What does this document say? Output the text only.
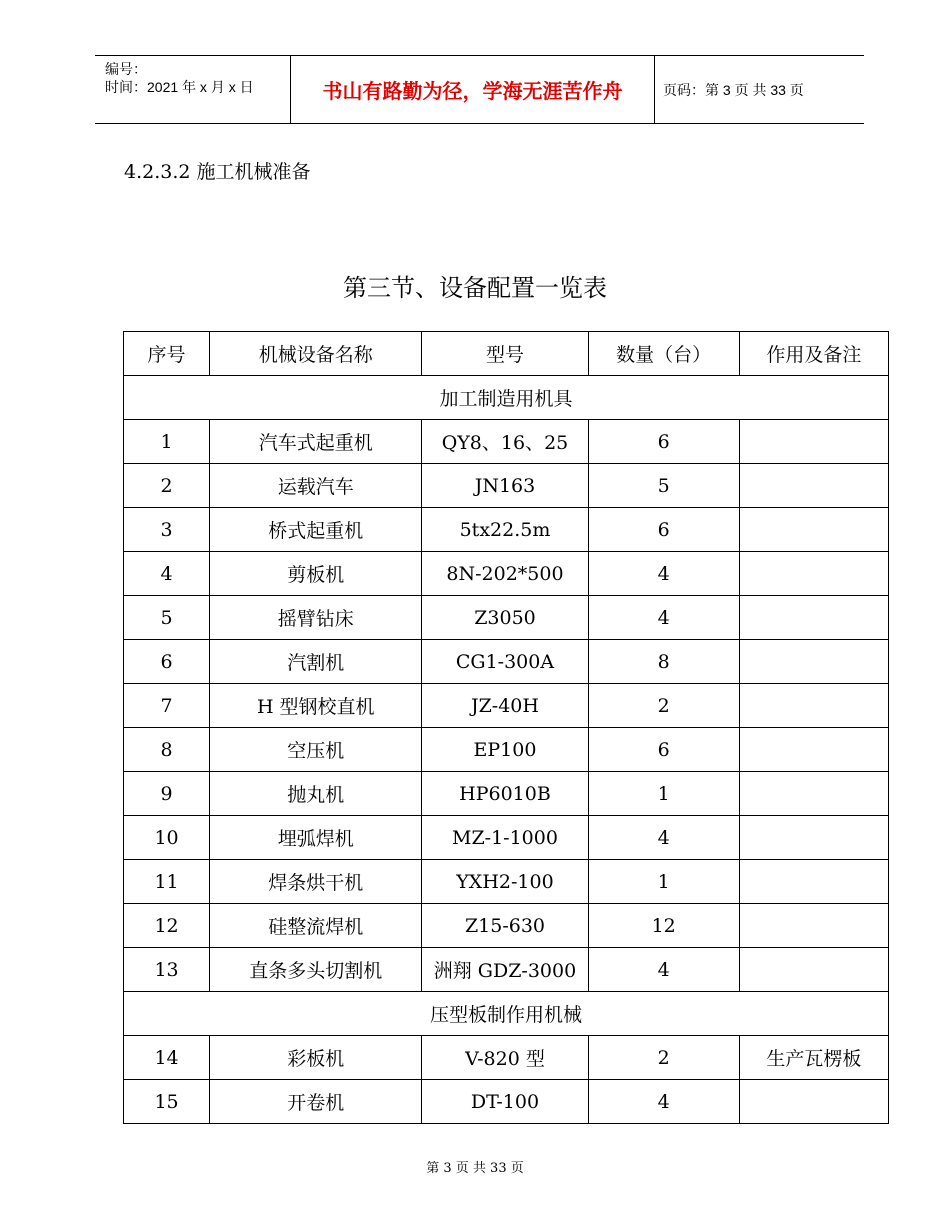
编号：
时间：2021 年 x 月 x 日	书山有路勤为径，学海无涯苦作舟	页码：第 3 页 共 33 页
4.2.3.2 施工机械准备
第三节、设备配置一览表
序号	机械设备名称	型号	数量（台）	作用及备注
加工制造用机具				
1	汽车式起重机	QY8、16、25	6	
2	运载汽车	JN163	5	
3	桥式起重机	5tx22.5m	6	
4	剪板机	8N-202*500	4	
5	摇臂钻床	Z3050	4	
6	汽割机	CG1-300A	8	
7	H 型钢校直机	JZ-40H	2	
8	空压机	EP100	6	
9	抛丸机	HP6010B	1	
10	埋弧焊机	MZ-1-1000	4	
11	焊条烘干机	YXH2-100	1	
12	硅整流焊机	Z15-630	12	
13	直条多头切割机	洲翔 GDZ-3000	4	
压型板制作用机械				
14	彩板机	V-820 型	2	生产瓦楞板
15	开卷机	DT-100	4	
第 3 页 共 33 页
